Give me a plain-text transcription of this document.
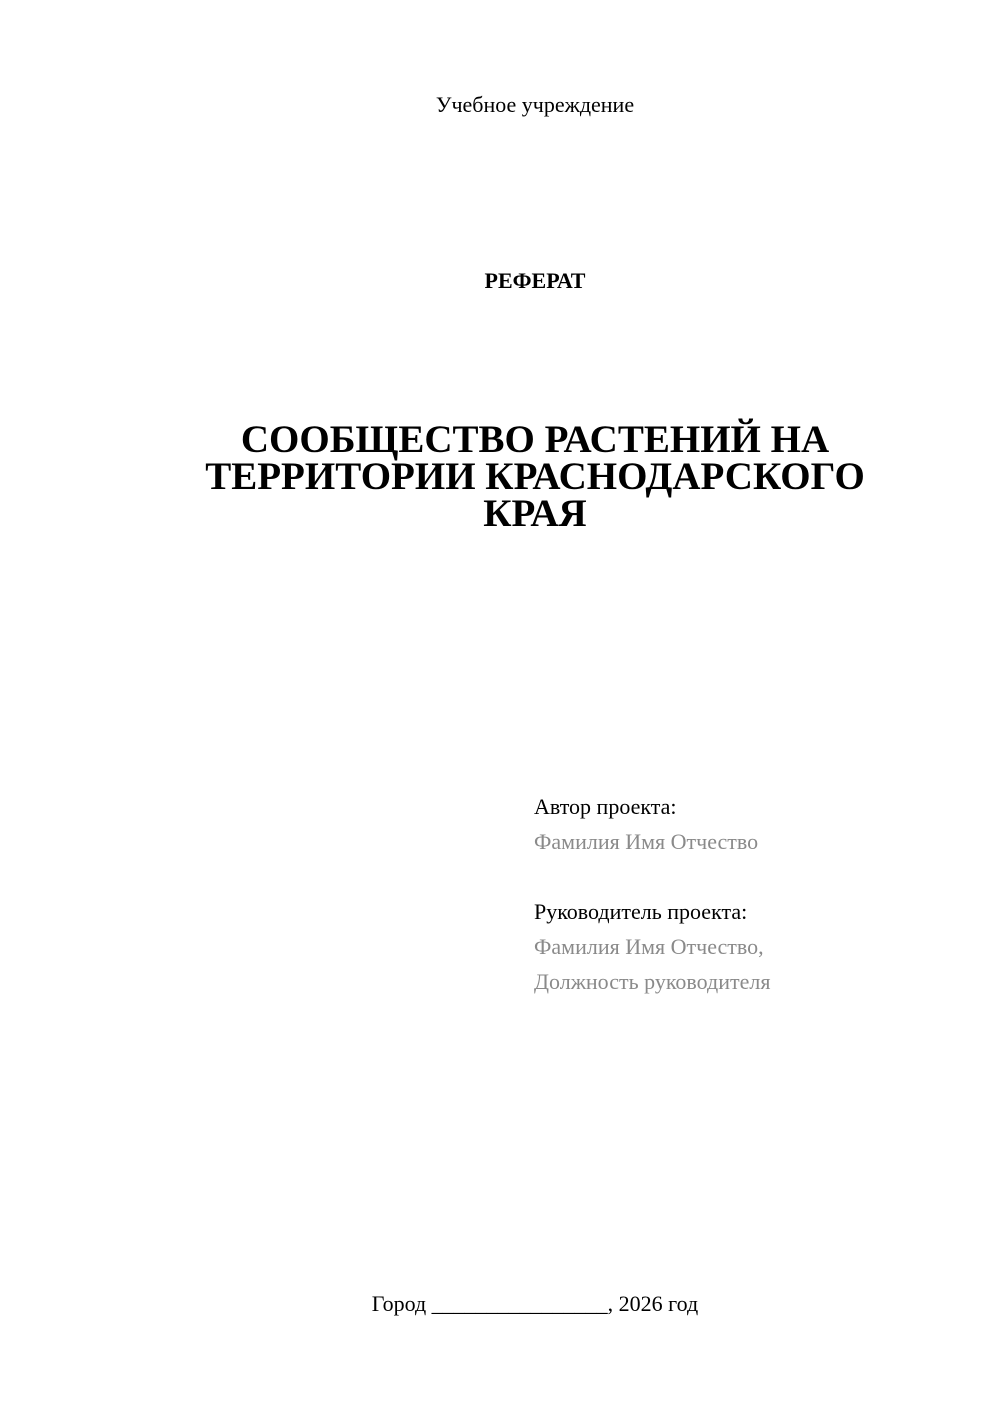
Учебное учреждение
РЕФЕРАТ
СООБЩЕСТВО РАСТЕНИЙ НА
ТЕРРИТОРИИ КРАСНОДАРСКОГО
КРАЯ
Автор проекта:
Фамилия Имя Отчество
Руководитель проекта:
Фамилия Имя Отчество,
Должность руководителя
Город ________________, 2026 год
